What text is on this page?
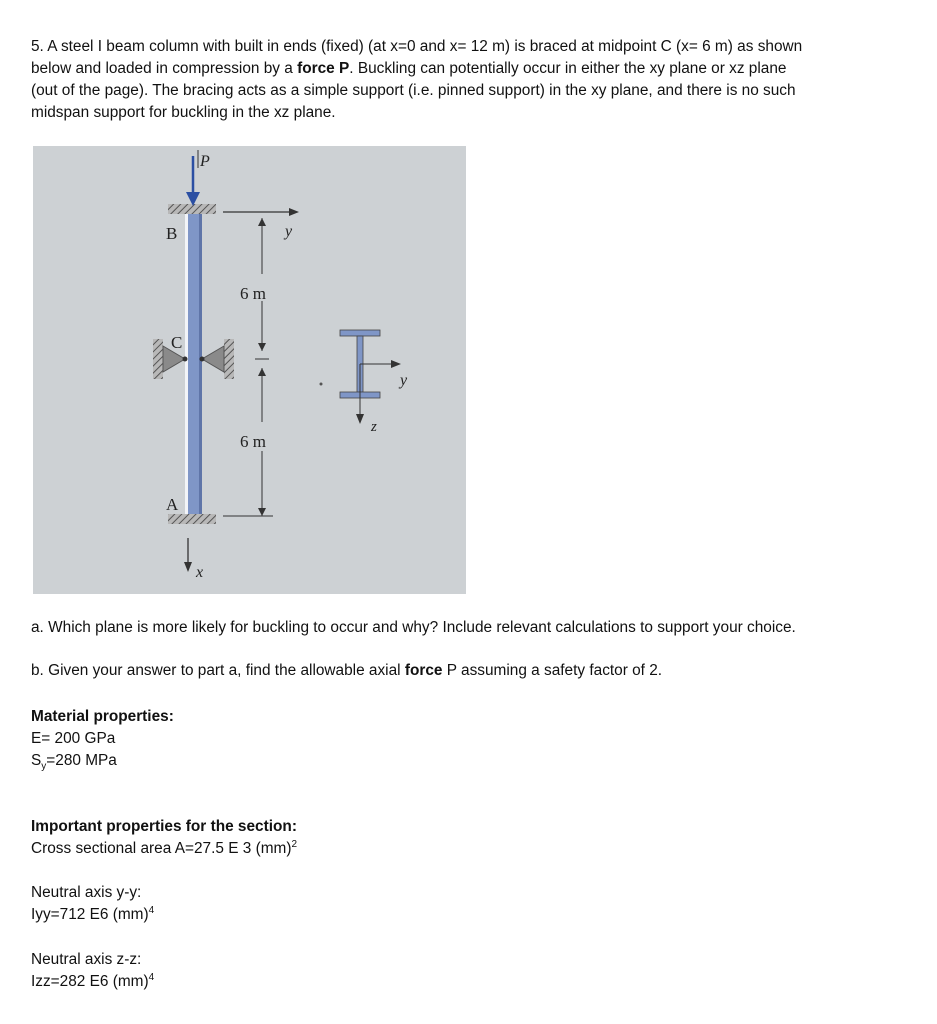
5. A steel I beam column with built in ends (fixed) (at x=0 and x= 12 m) is braced at midpoint C (x= 6 m) as shown
below and loaded in compression by a force P. Buckling can potentially occur in either the xy plane or xz plane
(out of the page). The bracing acts as a simple support (i.e. pinned support) in the xy plane, and there is no such
midspan support for buckling in the xz plane.
P
B
C
A
x
y
6 m
6 m
y
z

a. Which plane is more likely for buckling to occur and why? Include relevant calculations to support your choice.

b. Given your answer to part a, find the allowable axial force P assuming a safety factor of 2.

Material properties:
E= 200 GPa
$S_y=280$ MPa
Important properties for the section:
Cross sectional area A=27.5 E 3 (mm)$^2$
Neutral axis y-y:
Iyy=712 E6 (mm)$^4$
Neutral axis z-z:
Izz=282 E6 (mm)$^4$
